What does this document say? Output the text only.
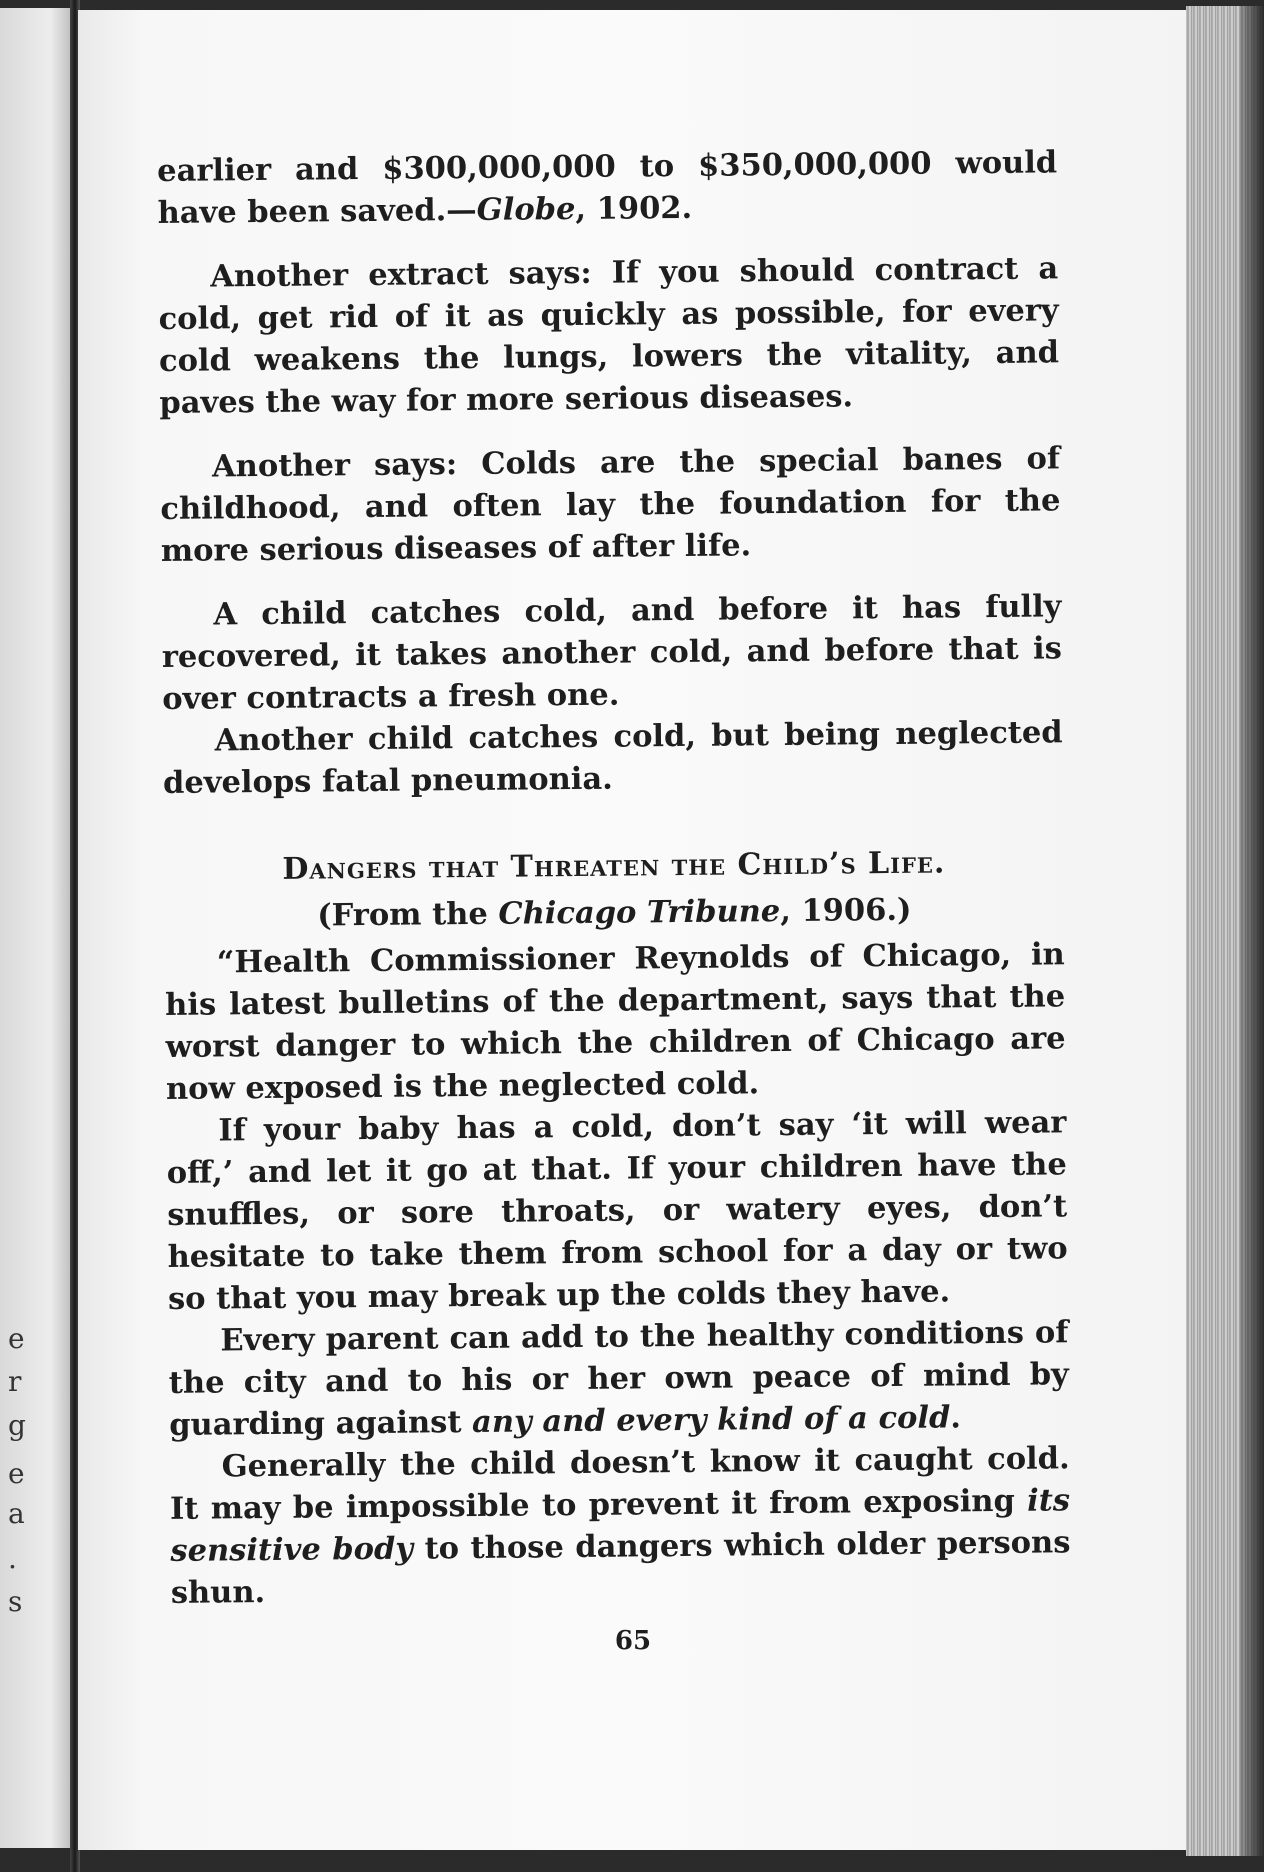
e
r
g
e
a
.
s

earlier and $300,000,000 to $350,000,000 would have been saved.—Globe, 1902.

Another extract says: If you should contract a cold, get rid of it as quickly as possible, for every cold weakens the lungs, lowers the vitality, and paves the way for more serious diseases.

Another says: Colds are the special banes of childhood, and often lay the foundation for the more serious diseases of after life.

A child catches cold, and before it has fully recovered, it takes another cold, and before that is over contracts a fresh one.

Another child catches cold, but being neglected develops fatal pneumonia.

Dangers that Threaten the Child’s Life.
(From the Chicago Tribune, 1906.)

“Health Commissioner Reynolds of Chicago, in his latest bulletins of the department, says that the worst danger to which the children of Chicago are now exposed is the neglected cold.

If your baby has a cold, don’t say ‘it will wear off,’ and let it go at that. If your children have the snuffles, or sore throats, or watery eyes, don’t hesitate to take them from school for a day or two so that you may break up the colds they have.

Every parent can add to the healthy conditions of the city and to his or her own peace of mind by guarding against any and every kind of a cold.

Generally the child doesn’t know it caught cold. It may be impossible to prevent it from exposing its sensitive body to those dangers which older persons shun.

65
